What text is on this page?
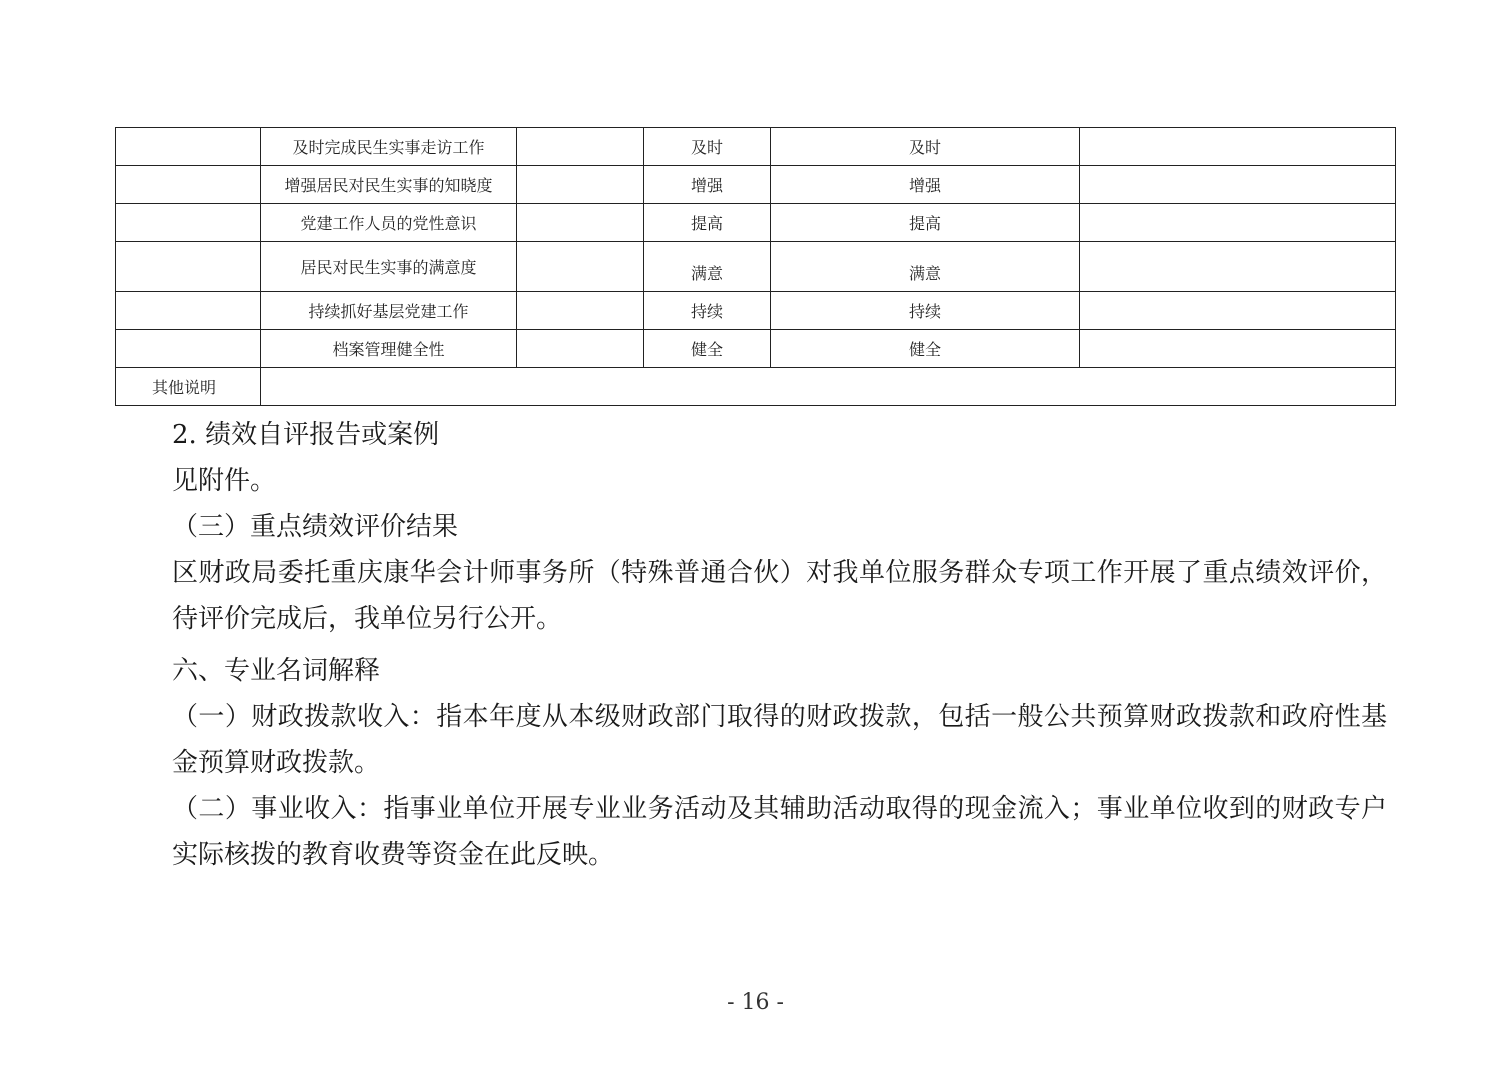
	及时完成民生实事走访工作		及时	及时	
	增强居民对民生实事的知晓度		增强	增强	
	党建工作人员的党性意识		提高	提高	
	居民对民生实事的满意度		满意	满意	
	持续抓好基层党建工作		持续	持续	
	档案管理健全性		健全	健全	
其他说明					
2. 绩效自评报告或案例
见附件。
（三）重点绩效评价结果
区财政局委托重庆康华会计师事务所（特殊普通合伙）对我单位服务群众专项工作开展了重点绩效评价，待评价完成后，我单位另行公开。
六、专业名词解释
（一）财政拨款收入：指本年度从本级财政部门取得的财政拨款，包括一般公共预算财政拨款和政府性基金预算财政拨款。
（二）事业收入：指事业单位开展专业业务活动及其辅助活动取得的现金流入；事业单位收到的财政专户实际核拨的教育收费等资金在此反映。
- 16 -
